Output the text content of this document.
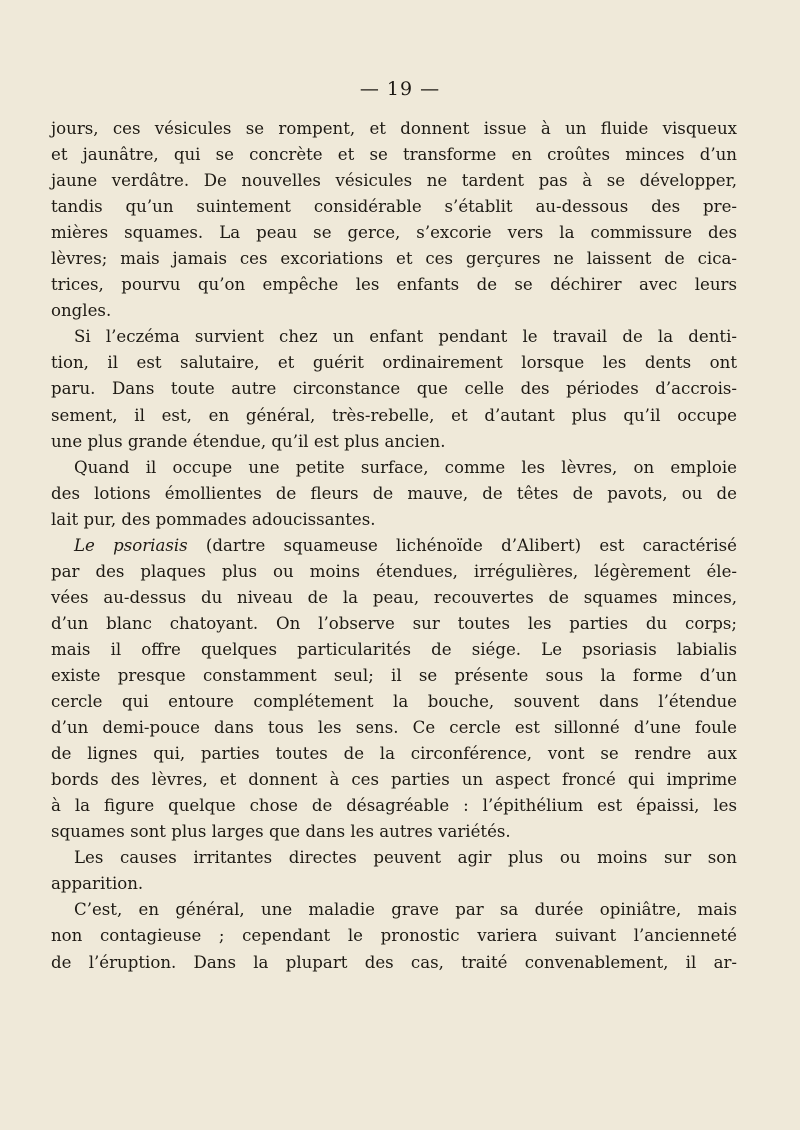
— 19 —
jours, ces vésicules se rompent, et donnent issue à un fluide visqueux
et jaunâtre, qui se concrète et se transforme en croûtes minces d’un
jaune verdâtre. De nouvelles vésicules ne tardent pas à se développer,
tandis qu’un suintement considérable s’établit au-dessous des pre-
mières squames. La peau se gerce, s’excorie vers la commissure des
lèvres; mais jamais ces excoriations et ces gerçures ne laissent de cica-
trices, pourvu qu’on empêche les enfants de se déchirer avec leurs
ongles.
Si l’eczéma survient chez un enfant pendant le travail de la denti-
tion, il est salutaire, et guérit ordinairement lorsque les dents ont
paru. Dans toute autre circonstance que celle des périodes d’accrois-
sement, il est, en général, très-rebelle, et d’autant plus qu’il occupe
une plus grande étendue, qu’il est plus ancien.
Quand il occupe une petite surface, comme les lèvres, on emploie
des lotions émollientes de fleurs de mauve, de têtes de pavots, ou de
lait pur, des pommades adoucissantes.
Le psoriasis (dartre squameuse lichénoïde d’Alibert) est caractérisé
par des plaques plus ou moins étendues, irrégulières, légèrement éle-
vées au-dessus du niveau de la peau, recouvertes de squames minces,
d’un blanc chatoyant. On l’observe sur toutes les parties du corps;
mais il offre quelques particularités de siége. Le psoriasis labialis
existe presque constamment seul; il se présente sous la forme d’un
cercle qui entoure complétement la bouche, souvent dans l’étendue
d’un demi-pouce dans tous les sens. Ce cercle est sillonné d’une foule
de lignes qui, parties toutes de la circonférence, vont se rendre aux
bords des lèvres, et donnent à ces parties un aspect froncé qui imprime
à la figure quelque chose de désagréable : l’épithélium est épaissi, les
squames sont plus larges que dans les autres variétés.
Les causes irritantes directes peuvent agir plus ou moins sur son
apparition.
C’est, en général, une maladie grave par sa durée opiniâtre, mais
non contagieuse ; cependant le pronostic variera suivant l’ancienneté
de l’éruption. Dans la plupart des cas, traité convenablement, il ar-
